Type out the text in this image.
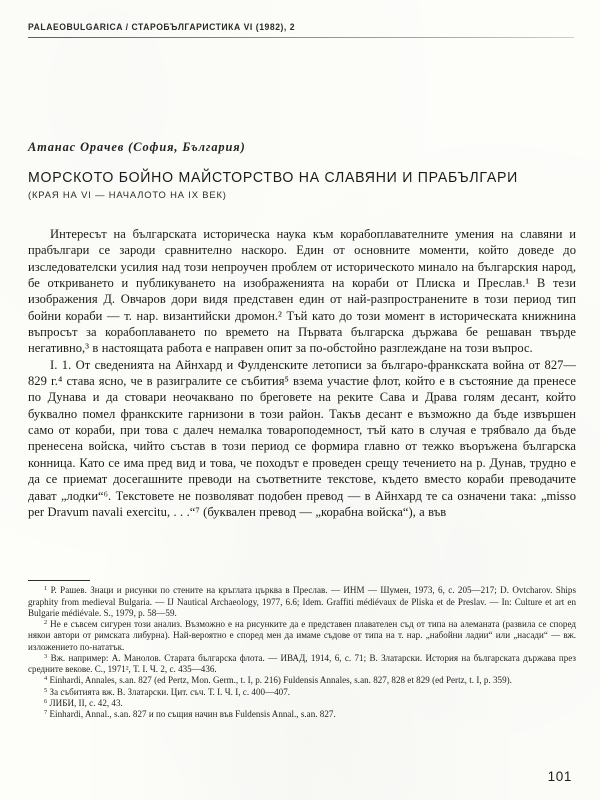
PALAEOBULGARICA / СТАРОБЪЛГАРИСТИКА VI (1982), 2
Атанас Орачев (София, България)
МОРСКОТО БОЙНО МАЙСТОРСТВО НА СЛАВЯНИ И ПРАБЪЛГАРИ
(КРАЯ НА VI — НАЧАЛОТО НА IX ВЕК)

Интересът на българската историческа наука към корабоплавателните умения на славяни и прабългари се зароди сравнително наскоро. Един от основните моменти, който доведе до изследователски усилия над този непроучен проблем от историческото минало на българския народ, бе откриването и публикуването на изображенията на кораби от Плиска и Преслав.¹ В тези изображения Д. Овчаров дори видя представен един от най-разпространените в този период тип бойни кораби — т. нар. византийски дромон.² Тъй като до този момент в историческата книжнина въпросът за корабоплаването по времето на Първата българска държава бе решаван твърде негативно,³ в настоящата работа е направен опит за по-обстойно разглеждане на този въпрос.

I. 1. От сведенията на Айнхард и Фулденските летописи за българо-франкската война от 827—829 г.⁴ става ясно, че в разигралите се събития⁵ взема участие флот, който е в състояние да пренесе по Дунава и да стовари неочаквано по бреговете на реките Сава и Драва голям десант, който буквално помел франкските гарнизони в този район. Такъв десант е възможно да бъде извършен само от кораби, при това с далеч немалка товароподемност, тъй като в случая е трябвало да бъде пренесена войска, чийто състав в този период се формира главно от тежко въоръжена българска конница. Като се има пред вид и това, че походът е проведен срещу течението на р. Дунав, трудно е да се приемат досегашните преводи на съответните текстове, където вместо кораби преводачите дават „лодки“⁶. Текстовете не позволяват подобен превод — в Айнхард те са означени така: „misso per Dravum navali exercitu, . . .“⁷ (буквален превод — „корабна войска“), а във

$^1$ Р. Рашев. Знаци и рисунки по стените на кръглата църква в Преслав. — ИНМ — Шумен, 1973, 6, с. 205—217; D. Ovtcharov. Ships graphity from medieval Bulgaria. — IJ Nautical Archaeology, 1977, 6.6; Idem. Graffiti médiévaux de Pliska et de Preslav. — In: Culture et art en Bulgarie médiévale. S., 1979, p. 58—59.

$^2$ Не е съвсем сигурен този анализ. Възможно е на рисунките да е представен плавателен съд от типа на алеманата (развила се според някои автори от римската либурна). Най-вероятно е според мен да имаме съдове от типа на т. нар. „набойни ладии“ или „насади“ — вж. изложението по-нататък.

$^3$ Вж. например: А. Манолов. Старата българска флота. — ИВАД, 1914, 6, с. 71; В. Златарски. История на българската държава през средните векове. С., 1971², Т. I. Ч. 2, с. 435—436.

$^4$ Einhardi, Annales, s.an. 827 (ed Pertz, Mon. Germ., t. I, p. 216) Fuldensis Annales, s.an. 827, 828 et 829 (ed Pertz, t. I, p. 359).

$^5$ За събитията вж. В. Златарски. Цит. съч. Т. I. Ч. I, с. 400—407.

$^6$ ЛИБИ, II, с. 42, 43.

$^7$ Einhardi, Annal., s.an. 827 и по същия начин във Fuldensis Annal., s.an. 827.

101
